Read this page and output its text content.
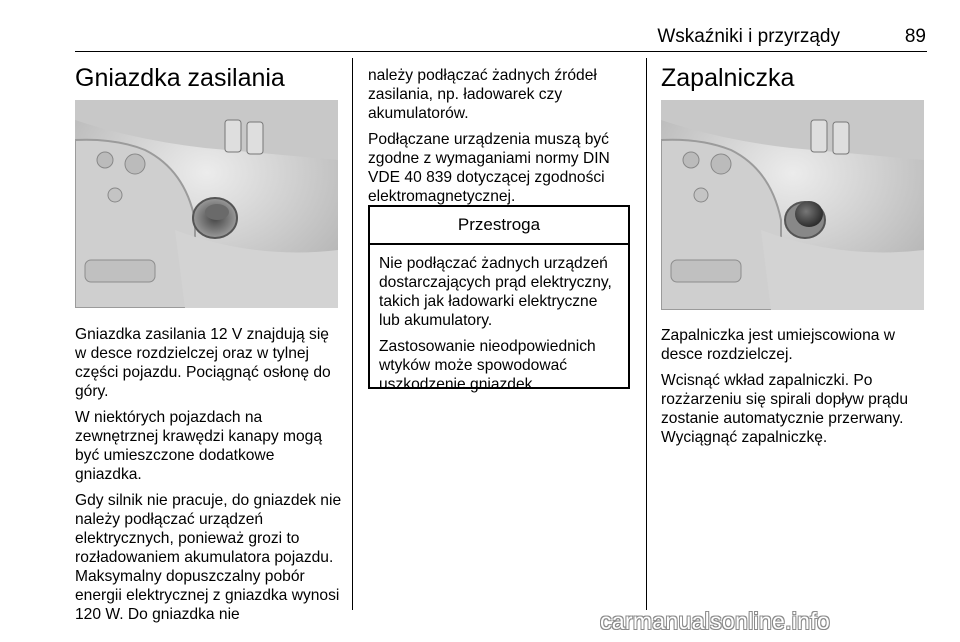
Wskaźniki i przyrządy	89
Gniazdka zasilania

Gniazdka zasilania 12 V znajdują się w desce rozdzielczej oraz w tylnej części pojazdu. Pociągnąć osłonę do góry.

W niektórych pojazdach na zewnętrznej krawędzi kanapy mogą być umieszczone dodatkowe gniazdka.

Gdy silnik nie pracuje, do gniazdek nie należy podłączać urządzeń elektrycznych, ponieważ grozi to rozładowaniem akumulatora pojazdu. Maksymalny dopuszczalny pobór energii elektrycznej z gniazdka wynosi 120 W. Do gniazdka nie

należy podłączać żadnych źródeł zasilania, np. ładowarek czy akumulatorów.

Podłączane urządzenia muszą być zgodne z wymaganiami normy DIN VDE 40 839 dotyczącej zgodności elektromagnetycznej.

Przestroga

Nie podłączać żadnych urządzeń dostarczających prąd elektryczny, takich jak ładowarki elektryczne lub akumulatory.

Zastosowanie nieodpowiednich wtyków może spowodować uszkodzenie gniazdek.

Zapalniczka

Zapalniczka jest umiejscowiona w desce rozdzielczej.

Wcisnąć wkład zapalniczki. Po rozżarzeniu się spirali dopływ prądu zostanie automatycznie przerwany. Wyciągnąć zapalniczkę.

carmanualsonline.info
